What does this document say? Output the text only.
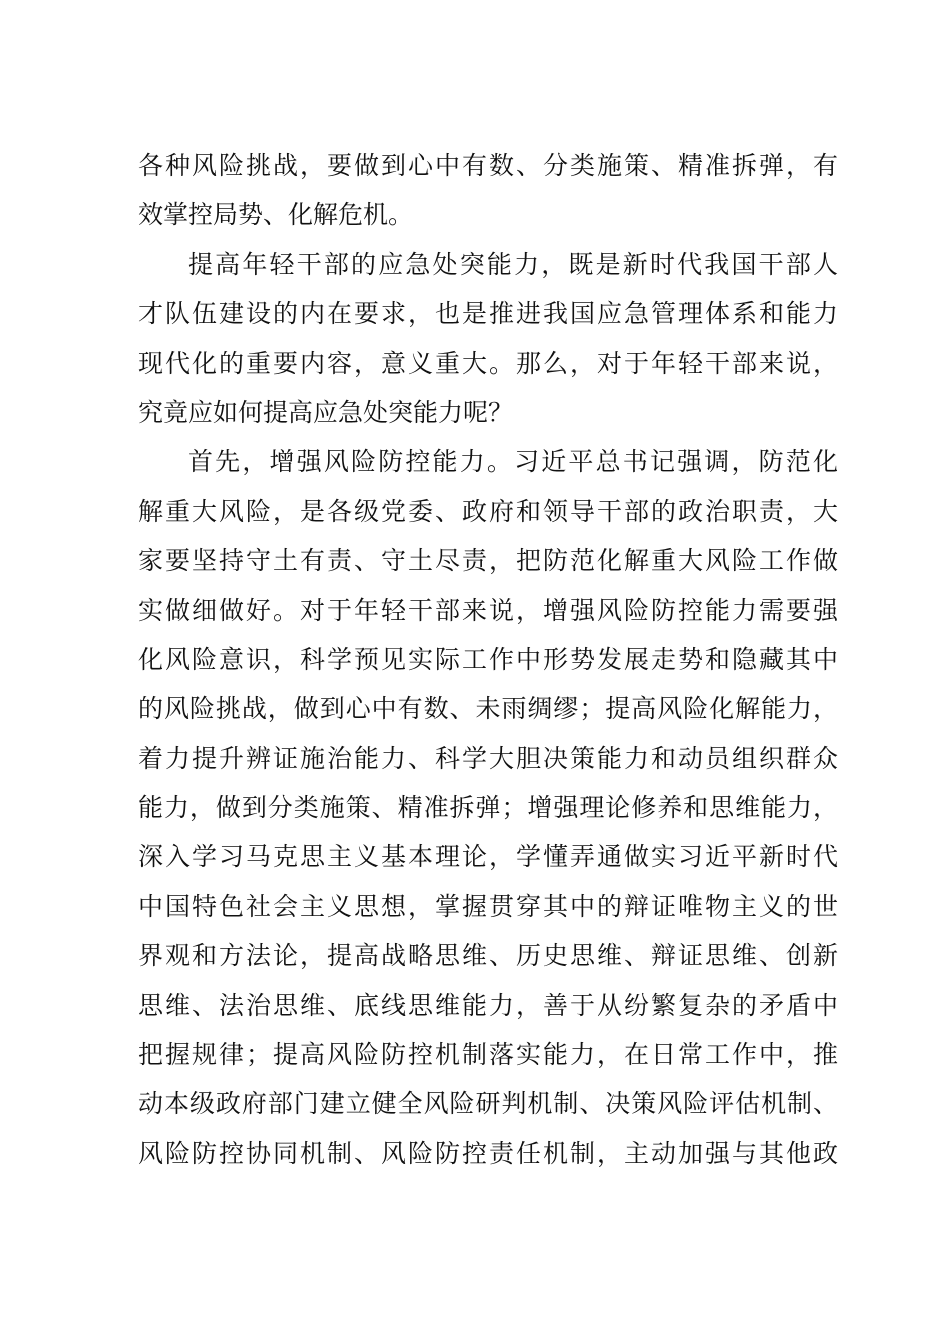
各种风险挑战，要做到心中有数、分类施策、精准拆弹，有
效掌控局势、化解危机。
提高年轻干部的应急处突能力，既是新时代我国干部人
才队伍建设的内在要求，也是推进我国应急管理体系和能力
现代化的重要内容，意义重大。那么，对于年轻干部来说，
究竟应如何提高应急处突能力呢？
首先，增强风险防控能力。习近平总书记强调，防范化
解重大风险，是各级党委、政府和领导干部的政治职责，大
家要坚持守土有责、守土尽责，把防范化解重大风险工作做
实做细做好。对于年轻干部来说，增强风险防控能力需要强
化风险意识，科学预见实际工作中形势发展走势和隐藏其中
的风险挑战，做到心中有数、未雨绸缪；提高风险化解能力，
着力提升辨证施治能力、科学大胆决策能力和动员组织群众
能力，做到分类施策、精准拆弹；增强理论修养和思维能力，
深入学习马克思主义基本理论，学懂弄通做实习近平新时代
中国特色社会主义思想，掌握贯穿其中的辩证唯物主义的世
界观和方法论，提高战略思维、历史思维、辩证思维、创新
思维、法治思维、底线思维能力，善于从纷繁复杂的矛盾中
把握规律；提高风险防控机制落实能力，在日常工作中，推
动本级政府部门建立健全风险研判机制、决策风险评估机制、
风险防控协同机制、风险防控责任机制，主动加强与其他政
